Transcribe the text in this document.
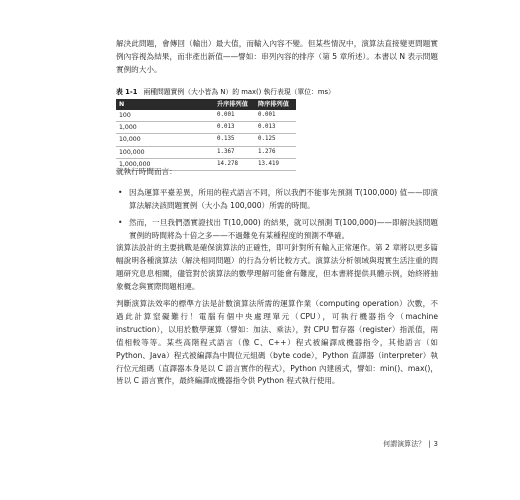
解決此問題，會傳回（輸出）最大值，而輸入內容不變。但某些情況中，演算法直接變更問題實例內容視為結果，而非產出新值——譬如：串列內容的排序（第 5 章所述）。本書以 N 表示問題實例的大小。

表 1-1 兩種問題實例（大小皆為 N）的 max() 執行表現（單位：ms）

N	升序排列值	降序排列值
100	0.001	0.001
1,000	0.013	0.013
10,000	0.135	0.125
100,000	1.367	1.276
1,000,000	14.278	13.419

就執行時間而言：

• 因為運算平臺差異，所用的程式語言不同，所以我們不能事先預測 T(100,000) 值——即演算法解決該問題實例（大小為 100,000）所需的時間。
• 然而，一旦我們憑實證找出 T(10,000) 的結果，就可以預測 T(100,000)——即解決該問題實例的時間將為十倍之多——不過難免有某種程度的預測不準確。

演算法設計的主要挑戰是確保演算法的正確性，即可針對所有輸入正常運作。第 2 章將以更多篇幅說明各種演算法（解決相同問題）的行為分析比較方式。演算法分析領域與現實生活注重的問題研究息息相關，儘管對於演算法的數學理解可能會有難度，但本書將提供具體示例，始終將抽象概念與實際問題相連。

判斷演算法效率的標準方法是計數演算法所需的運算作業（computing operation）次數，不過此計算窒礙難行！電腦有個中央處理單元（CPU），可執行機器指令（machine instruction），以用於數學運算（譬如：加法、乘法），對 CPU 暫存器（register）指派值，兩值相較等等。某些高階程式語言（像 C、C++）程式被編譯成機器指令，其他語言（如 Python、Java）程式被編譯為中間位元組碼（byte code），Python 直譯器（interpreter）執行位元組碼（直譯器本身是以 C 語言實作的程式），Python 內建函式，譬如：min()、max()，皆以 C 語言實作，最終編譯成機器指令供 Python 程式執行使用。

何謂演算法？ | 3
